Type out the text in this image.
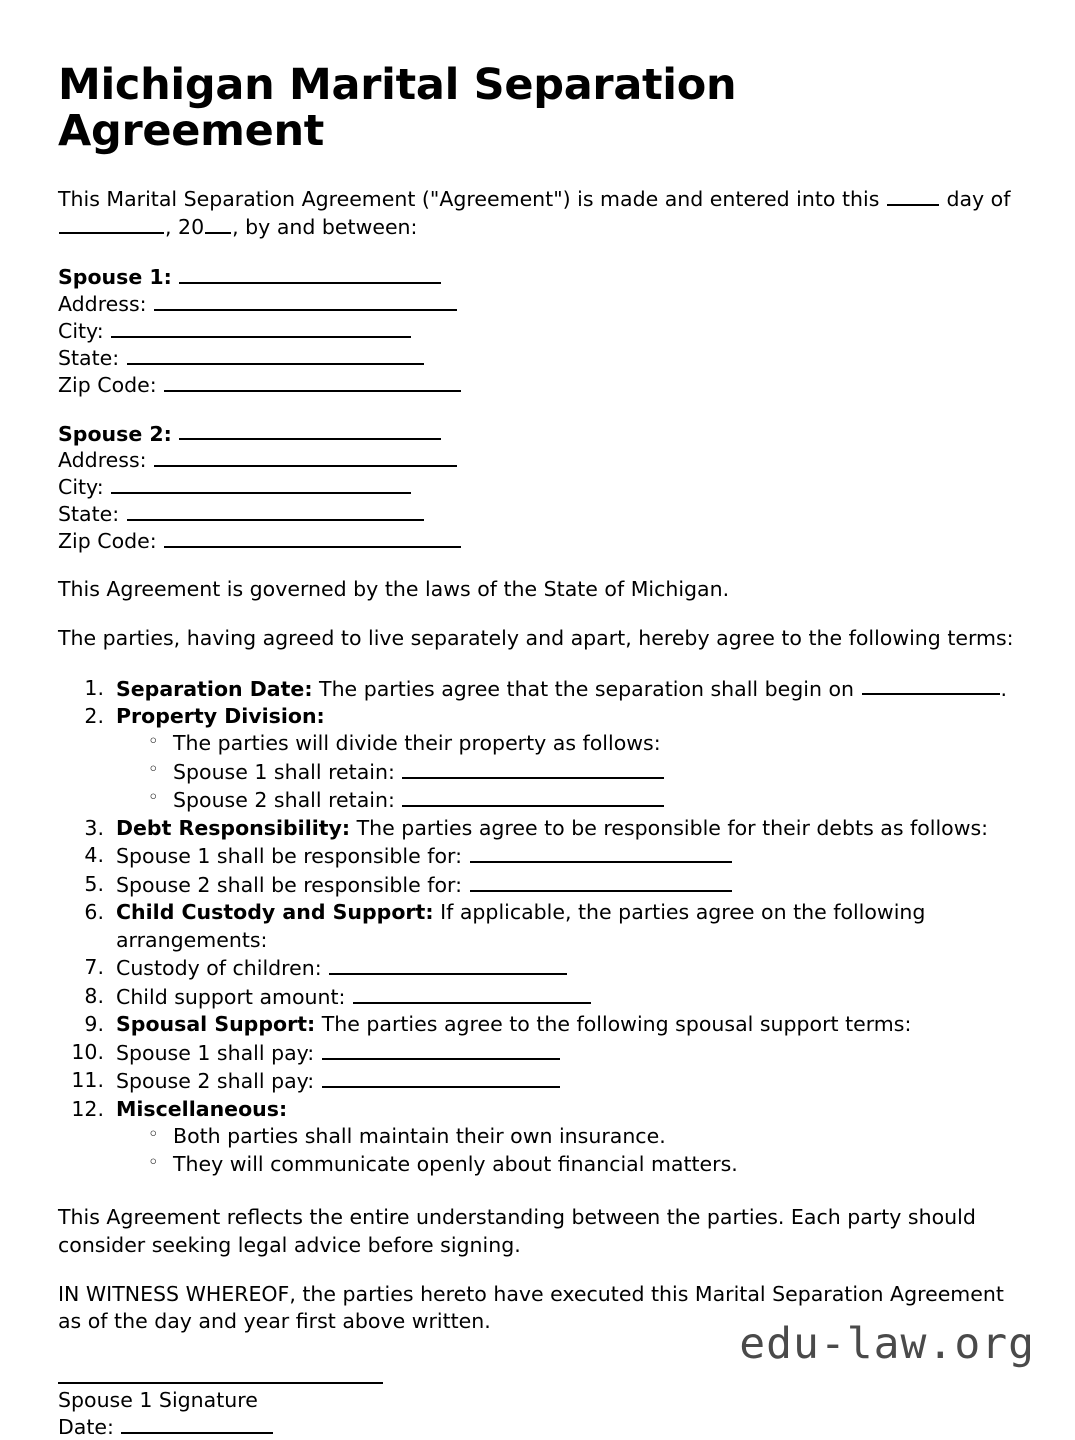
Michigan Marital Separation Agreement

This Marital Separation Agreement ("Agreement") is made and entered into this	day of
, 20 , by and between:

Spouse 1:
Address:
City:
State:
Zip Code:
Spouse 2:
Address:
City:
State:
Zip Code:

This Agreement is governed by the laws of the State of Michigan.

The parties, having agreed to live separately and apart, hereby agree to the following terms:

Separation Date: The parties agree that the separation shall begin on	.
Property Division:
◦ The parties will divide their property as follows:
◦ Spouse 1 shall retain:
◦ Spouse 2 shall retain:
Debt Responsibility: The parties agree to be responsible for their debts as follows:
Spouse 1 shall be responsible for:
Spouse 2 shall be responsible for:
Child Custody and Support: If applicable, the parties agree on the following arrangements:
Custody of children:
Child support amount:
Spousal Support: The parties agree to the following spousal support terms:
Spouse 1 shall pay:
Spouse 2 shall pay:
Miscellaneous:
◦ Both parties shall maintain their own insurance.
◦ They will communicate openly about financial matters.

This Agreement reflects the entire understanding between the parties. Each party should consider seeking legal advice before signing.

IN WITNESS WHEREOF, the parties hereto have executed this Marital Separation Agreement as of the day and year first above written.

Spouse 1 Signature
Date:
edu-law.org
